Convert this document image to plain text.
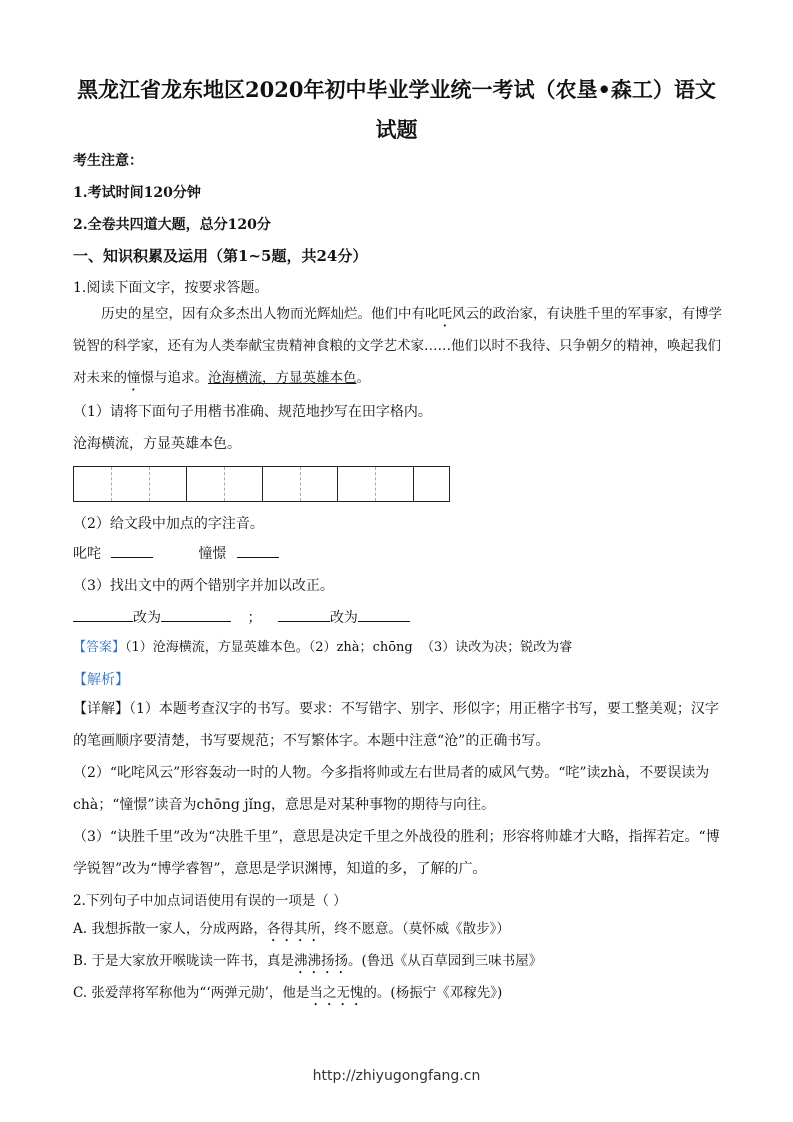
黑龙江省龙东地区2020年初中毕业学业统一考试（农垦•森工）语文
试题
考生注意：
1.考试时间120分钟
2.全卷共四道大题，总分120分
一、知识积累及运用（第1~5题，共24分）
1.阅读下面文字，按要求答题。
历史的星空，因有众多杰出人物而光辉灿烂。他们中有叱吒风云的政治家，有诀胜千里的军事家，有博学锐智的科学家，还有为人类奉献宝贵精神食粮的文学艺术家……他们以时不我待、只争朝夕的精神，唤起我们对未来的憧憬与追求。沧海横流，方显英雄本色。
（1）请将下面句子用楷书准确、规范地抄写在田字格内。
沧海横流，方显英雄本色。
（2）给文段中加点的字注音。
叱咤	憧憬
（3）找出文中的两个错别字并加以改正。
改为	；	改为
【答案】（1）沧海横流，方显英雄本色。（2）zhà；chōng （3）诀改为决；锐改为睿
【解析】
【详解】（1）本题考查汉字的书写。要求：不写错字、别字、形似字；用正楷字书写，要工整美观；汉字的笔画顺序要清楚，书写要规范；不写繁体字。本题中注意“沧”的正确书写。
（2）“叱咤风云”形容轰动一时的人物。今多指将帅或左右世局者的威风气势。“咤”读zhà，不要误读为chà；“憧憬”读音为chōng jǐng，意思是对某种事物的期待与向往。
（3）“诀胜千里”改为“决胜千里”，意思是决定千里之外战役的胜利；形容将帅雄才大略，指挥若定。“博学锐智”改为“博学睿智”，意思是学识渊博，知道的多，了解的广。
2.下列句子中加点词语使用有误的一项是（ ）
A. 我想拆散一家人，分成两路，各得其所，终不愿意。（莫怀威《散步》）
B. 于是大家放开喉咙读一阵书，真是沸沸扬扬。(鲁迅《从百草园到三味书屋》
C. 张爱萍将军称他为“‘两弹元勋’，他是当之无愧的。(杨振宁《邓稼先》)
http://zhiyugongfang.cn
